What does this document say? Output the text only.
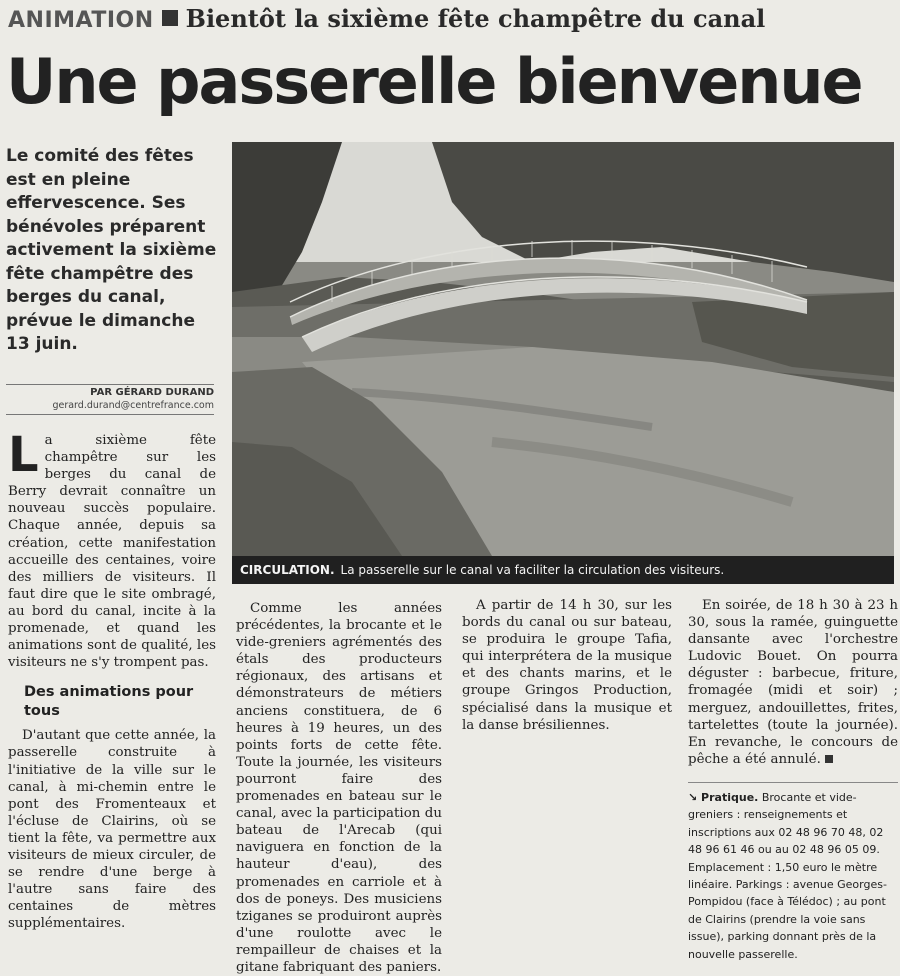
ANIMATION Bientôt la sixième fête champêtre du canal
Une passerelle bienvenue
Le comité des fêtes est en pleine effervescence. Ses bénévoles préparent activement la sixième fête champêtre des berges du canal, prévue le dimanche 13 juin.
PAR GÉRARD DURAND
gerard.durand@centrefrance.com
CIRCULATION. La passerelle sur le canal va faciliter la circulation des visiteurs.

La sixième fête champêtre sur les berges du canal de Berry devrait connaître un nouveau succès populaire. Chaque année, depuis sa création, cette manifestation accueille des centaines, voire des milliers de visiteurs. Il faut dire que le site ombragé, au bord du canal, incite à la promenade, et quand les animations sont de qualité, les visiteurs ne s'y trompent pas.

Des animations pour tous

D'autant que cette année, la passerelle construite à l'initiative de la ville sur le canal, à mi-chemin entre le pont des Fromenteaux et l'écluse de Clairins, où se tient la fête, va permettre aux visiteurs de mieux circuler, de se rendre d'une berge à l'autre sans faire des centaines de mètres supplémentaires.

Comme les années précédentes, la brocante et le vide-greniers agrémentés des étals des producteurs régionaux, des artisans et démonstrateurs de métiers anciens constituera, de 6 heures à 19 heures, un des points forts de cette fête. Toute la journée, les visiteurs pourront faire des promenades en bateau sur le canal, avec la participation du bateau de l'Arecab (qui naviguera en fonction de la hauteur d'eau), des promenades en carriole et à dos de poneys. Des musiciens tziganes se produiront auprès d'une roulotte avec le rempailleur de chaises et la gitane fabriquant des paniers.

A partir de 14 h 30, sur les bords du canal ou sur bateau, se produira le groupe Tafia, qui interprétera de la musique et des chants marins, et le groupe Gringos Production, spécialisé dans la musique et la danse brésiliennes.

En soirée, de 18 h 30 à 23 h 30, sous la ramée, guinguette dansante avec l'orchestre Ludovic Bouet. On pourra déguster : barbecue, friture, fromagée (midi et soir) ; merguez, andouillettes, frites, tartelettes (toute la journée). En revanche, le concours de pêche a été annulé.

↘ Pratique. Brocante et vide-greniers : renseignements et inscriptions aux 02 48 96 70 48, 02 48 96 61 46 ou au 02 48 96 05 09. Emplacement : 1,50 euro le mètre linéaire. Parkings : avenue Georges-Pompidou (face à Télédoc) ; au pont de Clairins (prendre la voie sans issue), parking donnant près de la nouvelle passerelle.
